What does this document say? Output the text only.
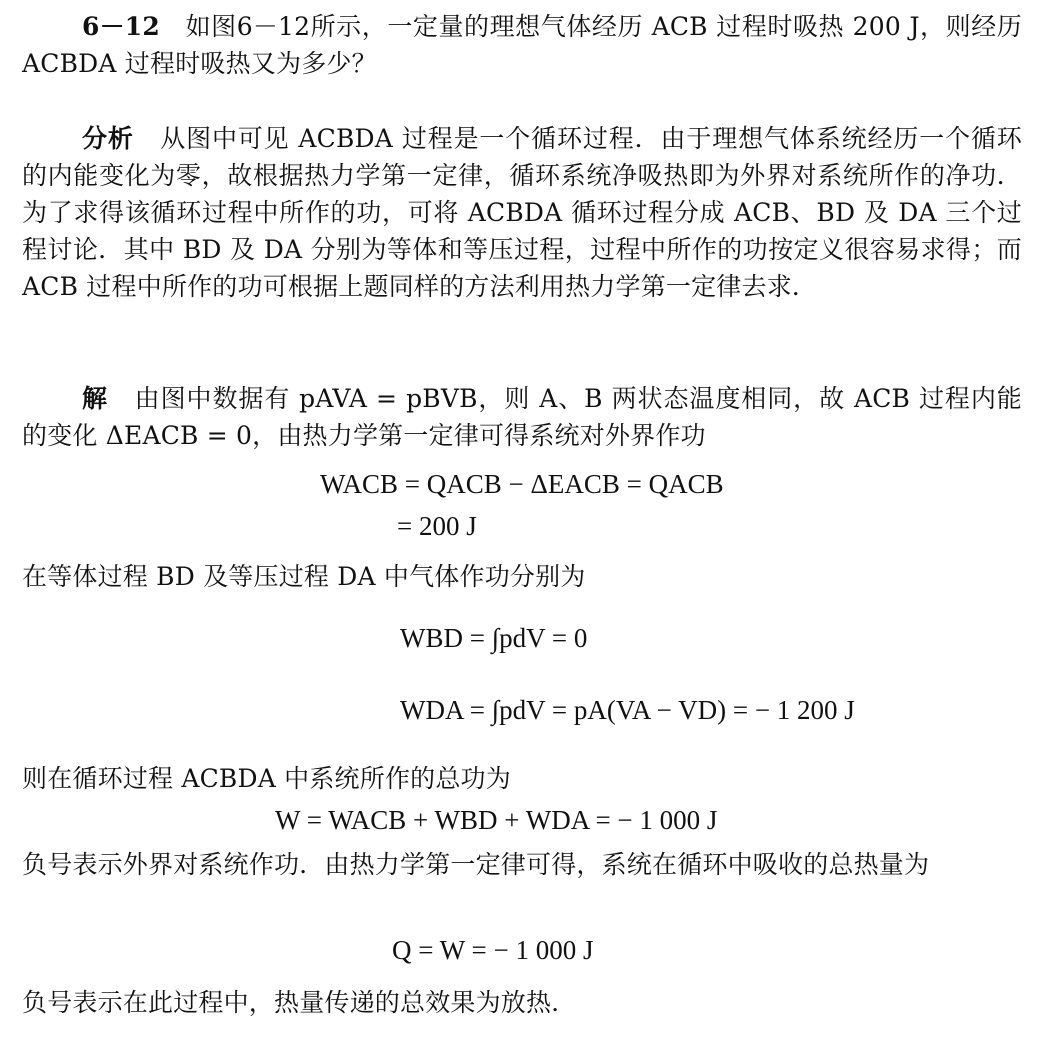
6－12 如图6－12所示，一定量的理想气体经历 ACB 过程时吸热 200 J，则经历 ACBDA 过程时吸热又为多少？
分析 从图中可见 ACBDA 过程是一个循环过程．由于理想气体系统经历一个循环的内能变化为零，故根据热力学第一定律，循环系统净吸热即为外界对系统所作的净功．为了求得该循环过程中所作的功，可将 ACBDA 循环过程分成 ACB、BD 及 DA 三个过程讨论．其中 BD 及 DA 分别为等体和等压过程，过程中所作的功按定义很容易求得；而 ACB 过程中所作的功可根据上题同样的方法利用热力学第一定律去求．
解 由图中数据有 pAVA = pBVB，则 A、B 两状态温度相同，故 ACB 过程内能的变化 ΔEACB = 0，由热力学第一定律可得系统对外界作功
WACB = QACB − ΔEACB = QACB
= 200 J
在等体过程 BD 及等压过程 DA 中气体作功分别为
WBD = ∫pdV = 0
WDA = ∫pdV = pA(VA − VD) = − 1 200 J
则在循环过程 ACBDA 中系统所作的总功为
W = WACB + WBD + WDA = − 1 000 J
负号表示外界对系统作功．由热力学第一定律可得，系统在循环中吸收的总热量为
Q = W = − 1 000 J
负号表示在此过程中，热量传递的总效果为放热．
